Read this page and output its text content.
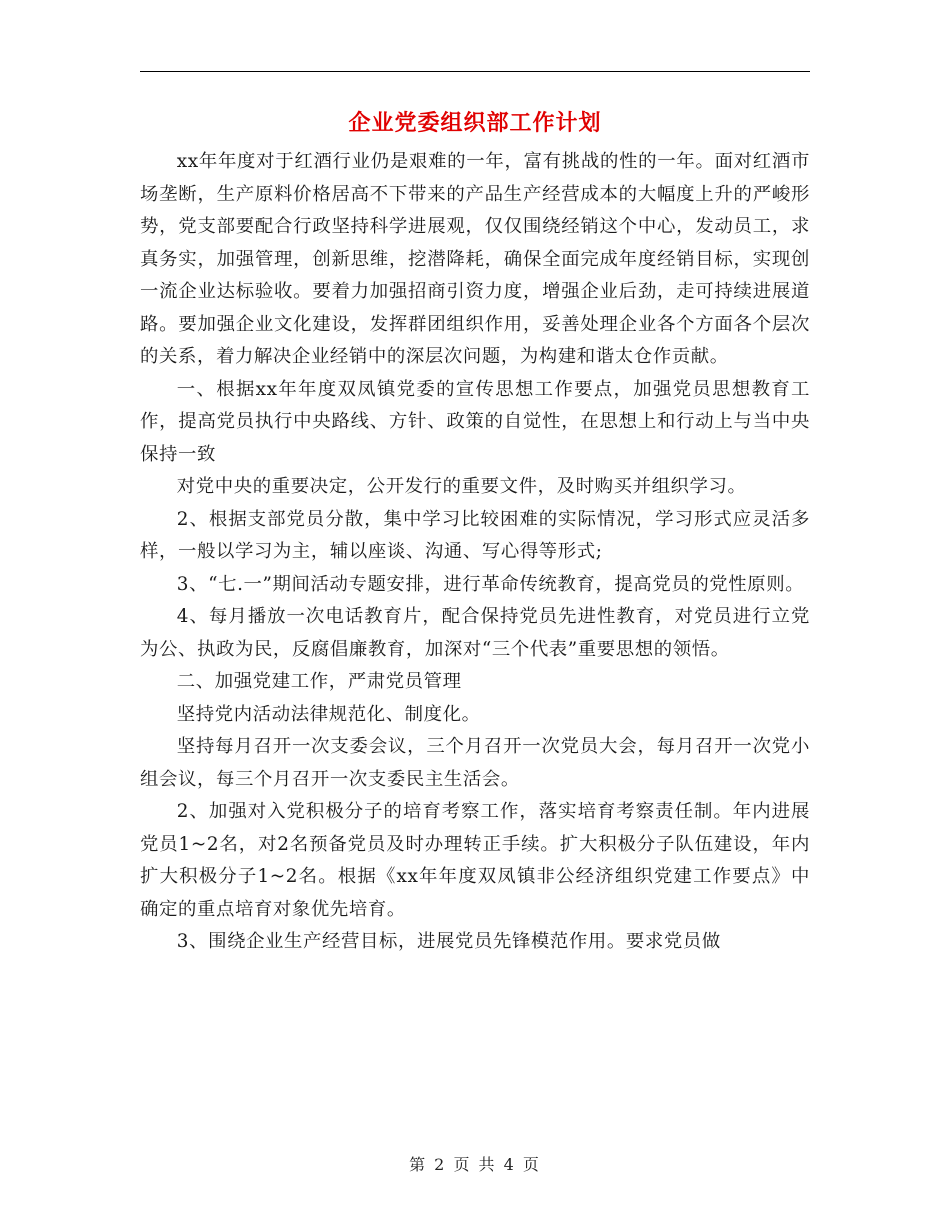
企业党委组织部工作计划

xx年年度对于红酒行业仍是艰难的一年，富有挑战的性的一年。面对红酒市场垄断，生产原料价格居高不下带来的产品生产经营成本的大幅度上升的严峻形势，党支部要配合行政坚持科学进展观，仅仅围绕经销这个中心，发动员工，求真务实，加强管理，创新思维，挖潜降耗，确保全面完成年度经销目标，实现创一流企业达标验收。要着力加强招商引资力度，增强企业后劲，走可持续进展道路。要加强企业文化建设，发挥群团组织作用，妥善处理企业各个方面各个层次的关系，着力解决企业经销中的深层次问题，为构建和谐太仓作贡献。

一、根据xx年年度双凤镇党委的宣传思想工作要点，加强党员思想教育工作，提高党员执行中央路线、方针、政策的自觉性，在思想上和行动上与当中央保持一致

对党中央的重要决定，公开发行的重要文件，及时购买并组织学习。

2、根据支部党员分散，集中学习比较困难的实际情况，学习形式应灵活多样，一般以学习为主，辅以座谈、沟通、写心得等形式;

3、“七.一”期间活动专题安排，进行革命传统教育，提高党员的党性原则。

4、每月播放一次电话教育片，配合保持党员先进性教育，对党员进行立党为公、执政为民，反腐倡廉教育，加深对“三个代表”重要思想的领悟。

二、加强党建工作，严肃党员管理

坚持党内活动法律规范化、制度化。

坚持每月召开一次支委会议，三个月召开一次党员大会，每月召开一次党小组会议，每三个月召开一次支委民主生活会。

2、加强对入党积极分子的培育考察工作，落实培育考察责任制。年内进展党员1~2名，对2名预备党员及时办理转正手续。扩大积极分子队伍建设，年内扩大积极分子1~2名。根据《xx年年度双凤镇非公经济组织党建工作要点》中确定的重点培育对象优先培育。

3、围绕企业生产经营目标，进展党员先锋模范作用。要求党员做

第 2 页 共 4 页
